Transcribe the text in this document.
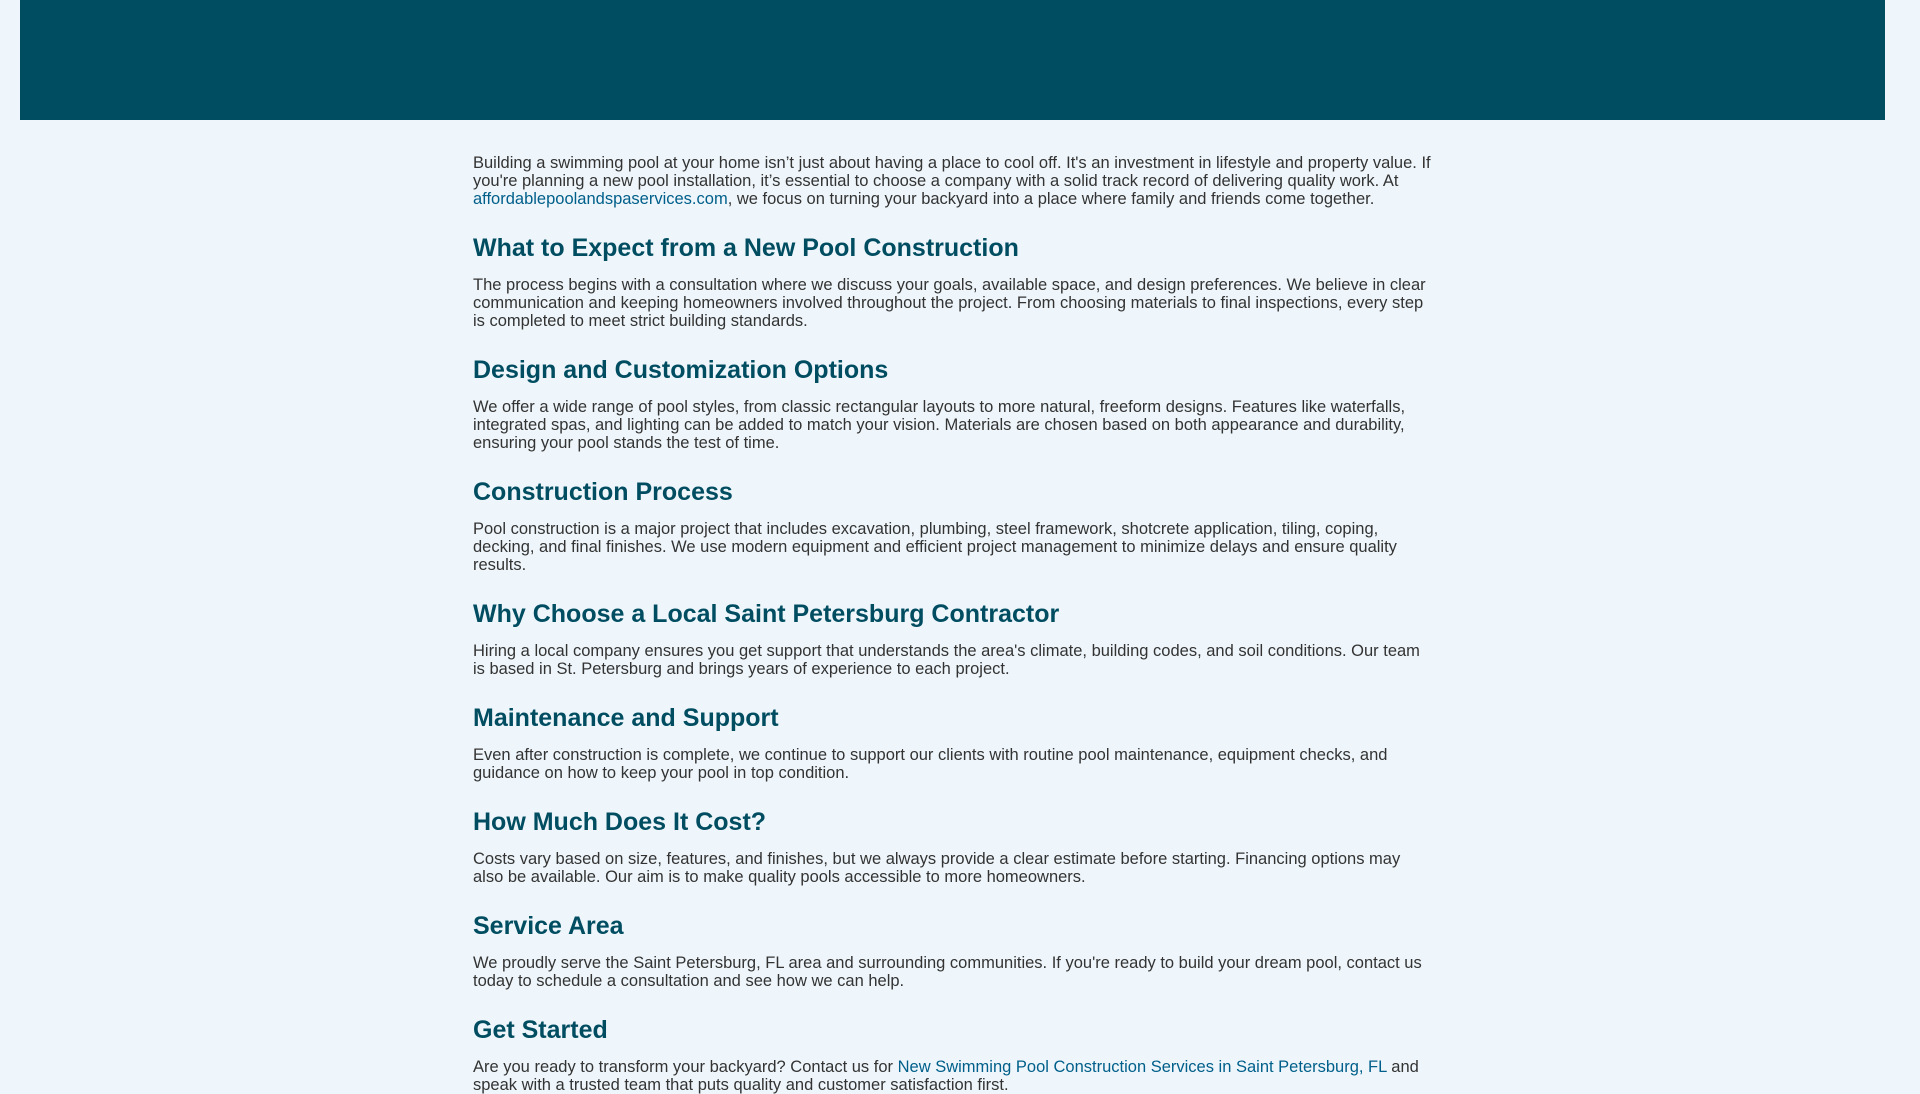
Building a swimming pool at your home isn’t just about having a place to cool off. It's an investment in lifestyle and property value. If you're planning a new pool installation, it’s essential to choose a company with a solid track record of delivering quality work. At affordablepoolandspaservices.com, we focus on turning your backyard into a place where family and friends come together.

What to Expect from a New Pool Construction

The process begins with a consultation where we discuss your goals, available space, and design preferences. We believe in clear communication and keeping homeowners involved throughout the project. From choosing materials to final inspections, every step is completed to meet strict building standards.

Design and Customization Options

We offer a wide range of pool styles, from classic rectangular layouts to more natural, freeform designs. Features like waterfalls, integrated spas, and lighting can be added to match your vision. Materials are chosen based on both appearance and durability, ensuring your pool stands the test of time.

Construction Process

Pool construction is a major project that includes excavation, plumbing, steel framework, shotcrete application, tiling, coping, decking, and final finishes. We use modern equipment and efficient project management to minimize delays and ensure quality results.

Why Choose a Local Saint Petersburg Contractor

Hiring a local company ensures you get support that understands the area's climate, building codes, and soil conditions. Our team is based in St. Petersburg and brings years of experience to each project.

Maintenance and Support

Even after construction is complete, we continue to support our clients with routine pool maintenance, equipment checks, and guidance on how to keep your pool in top condition.

How Much Does It Cost?

Costs vary based on size, features, and finishes, but we always provide a clear estimate before starting. Financing options may also be available. Our aim is to make quality pools accessible to more homeowners.

Service Area

We proudly serve the Saint Petersburg, FL area and surrounding communities. If you're ready to build your dream pool, contact us today to schedule a consultation and see how we can help.

Get Started

Are you ready to transform your backyard? Contact us for New Swimming Pool Construction Services in Saint Petersburg, FL and speak with a trusted team that puts quality and customer satisfaction first.
